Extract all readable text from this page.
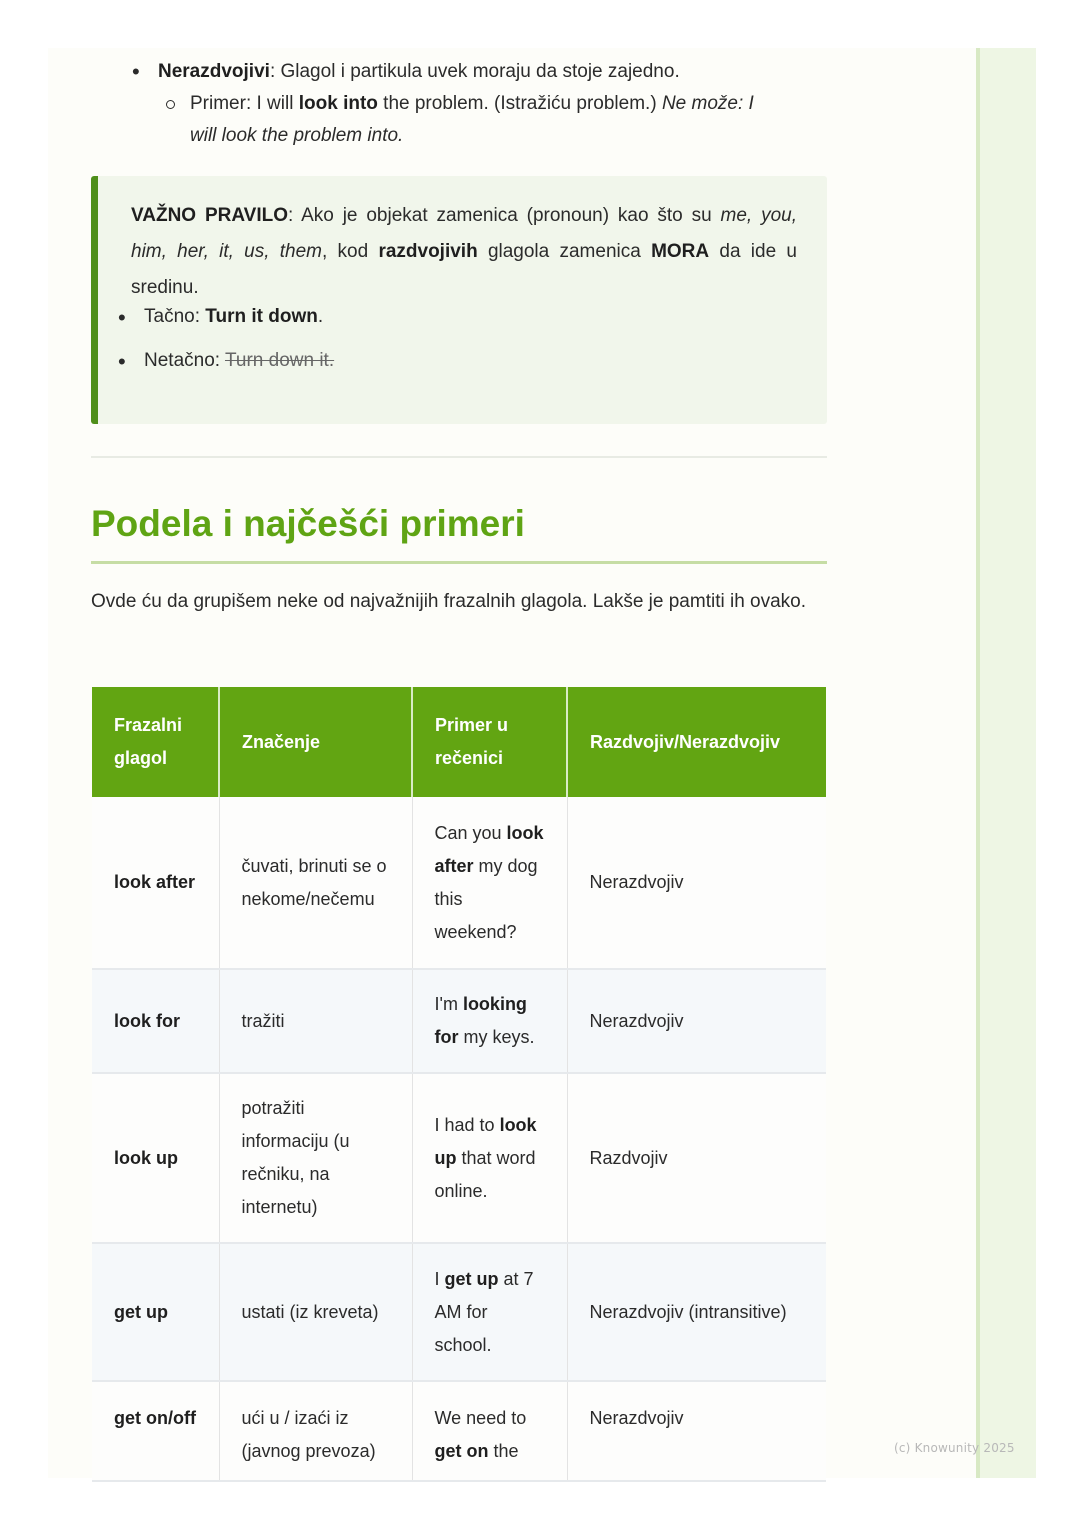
(c) Knowunity 2025
• Nerazdvojivi: Glagol i partikula uvek moraju da stoje zajedno.
Primer: I will look into the problem. (Istražiću problem.) Ne može: I
will look the problem into.
VAŽNO PRAVILO: Ako je objekat zamenica (pronoun) kao što su me, you, him, her, it, us, them, kod razdvojivih glagola zamenica MORA da ide u sredinu.
• Tačno: Turn it down.
• Netačno: Turn down it.
Podela i najčešći primeri
Ovde ću da grupišem neke od najvažnijih frazalnih glagola. Lakše je pamtiti ih ovako.
Frazalni glagol	Značenje	Primer u rečenici	Razdvojiv/Nerazdvojiv
look after	čuvati, brinuti se o nekome/nečemu	Can you look after my dog this weekend?	Nerazdvojiv
look for	tražiti	I'm looking for my keys.	Nerazdvojiv
look up	potražiti informaciju (u rečniku, na internetu)	I had to look up that word online.	Razdvojiv
get up	ustati (iz kreveta)	I get up at 7 AM for school.	Nerazdvojiv (intransitive)
get on/off	ući u / izaći iz (javnog prevoza)	We need to get on the	Nerazdvojiv
